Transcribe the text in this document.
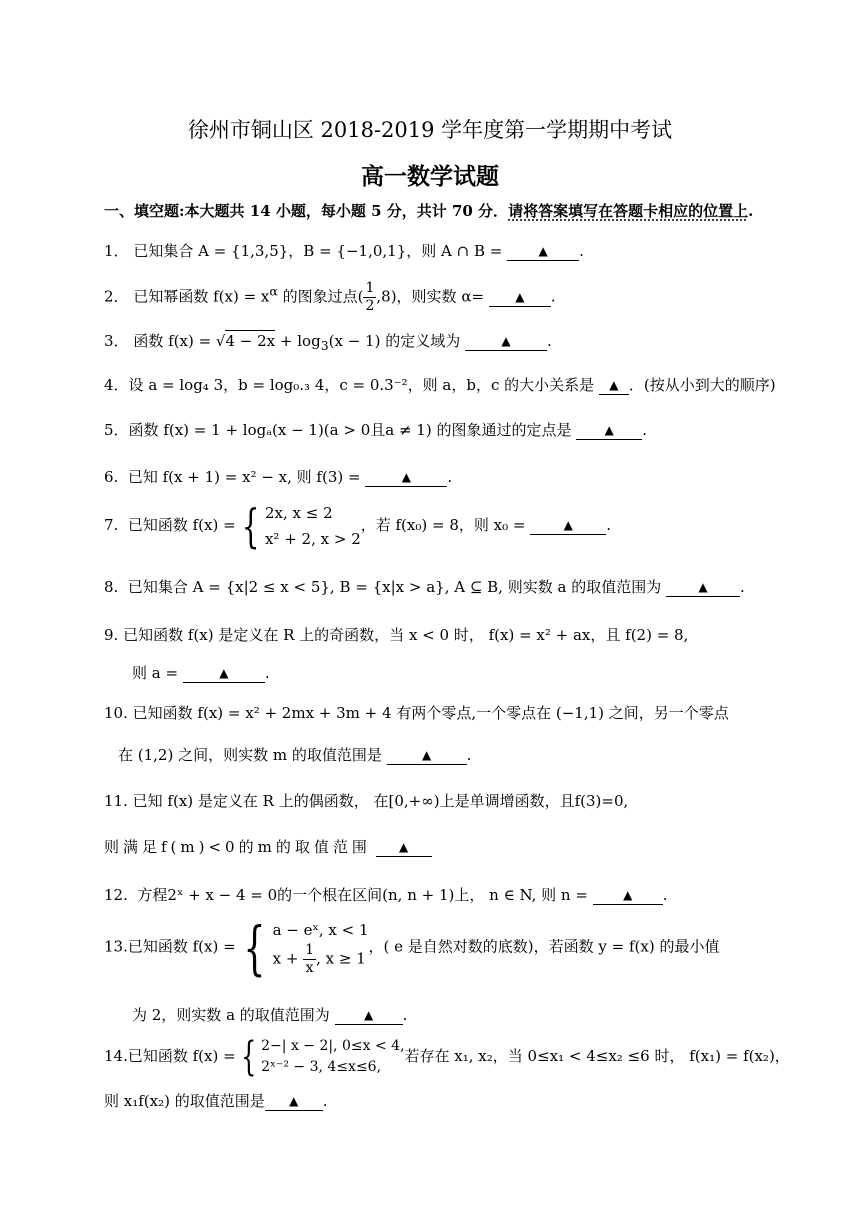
徐州市铜山区 2018-2019 学年度第一学期期中考试
高一数学试题
一、填空题:本大题共 14 小题，每小题 5 分，共计 70 分．请将答案填写在答题卡相应的位置上.
1． 已知集合 A = {1,3,5}，B = {−1,0,1}，则 A ∩ B =	▲ .
2． 已知幂函数 $f(x) = x^\alpha$ 的图象过点( $\frac{1}{2} ,8$)，则实数 α=	▲ .
3． 函数 $f(x) = √4 - 2x + \log_3(x - 1)$ 的定义域为	▲ .
4．设 a = log₄ 3，b = log₀.₃ 4，c = 0.3⁻²，则 a，b，c 的大小关系是 ▲ ．(按从小到大的顺序)
5．函数 f(x) = 1 + logₐ(x − 1)(a > 0且a ≠ 1) 的图象通过的定点是	▲ .
6. 已知 f(x + 1) = x² − x, 则 f(3) =	▲ .
7. 已知函数 f(x) = { 2x, x ≤ 2
x² + 2, x > 2
，若 f(x₀) = 8，则 x₀ =	▲ .
8. 已知集合 A = {x|2 ≤ x < 5}, B = {x|x > a}, A ⊆ B, 则实数 a 的取值范围为	▲ .
9. 已知函数 f(x) 是定义在 R 上的奇函数，当 x < 0 时， f(x) = x² + ax，且 f(2) = 8,
则 a =	▲ .
10. 已知函数 f(x) = x² + 2mx + 3m + 4 有两个零点,一个零点在 (−1,1) 之间，另一个零点
在 (1,2) 之间，则实数 m 的取值范围是	▲ .
11. 已知 f(x) 是定义在 R 上的偶函数， 在[0,+∞)上是单调增函数，且f(3)=0,
则满足f(m)<0的m的取值范围 ▲
12. 方程2ˣ + x − 4 = 0的一个根在区间(n, n + 1)上， n ∈ N, 则 n =	▲ .
13.已知函数 f(x) = { a − eˣ, x < 1
$x + \frac{1}{x}$ , x ≥ 1
，( e 是自然对数的底数)，若函数 y = f(x) 的最小值
为 2，则实数 a 的取值范围为	▲ .
14.已知函数 f(x) = { 2−| x − 2|, 0≤x < 4,
2ˣ⁻² − 3, 4≤x≤6,
若存在 x₁, x₂，当 0≤x₁ < 4≤x₂ ≤6 时， f(x₁) = f(x₂)，
则 x₁f(x₂) 的取值范围是 ▲ .
